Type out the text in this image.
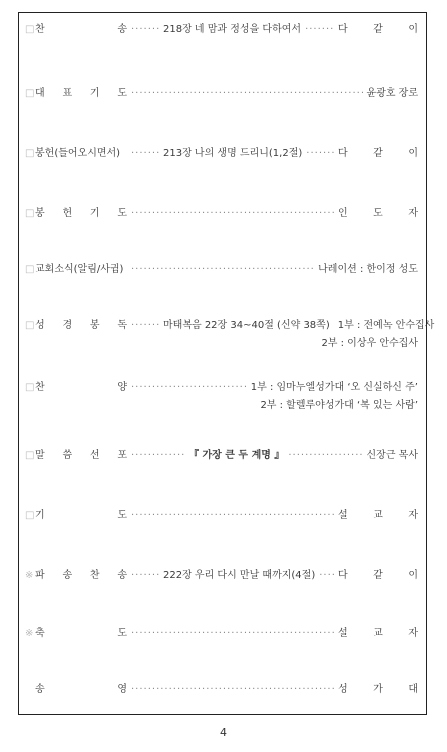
□ 찬	송 ·····	218장 네 맘과 정성을 다하여서 ·····	다	같	이
□ 대 표 기 도 ·····	윤광호 장로
□ 봉헌(들어오시면서) ·····	213장 나의 생명 드리니(1,2절) ·····	다	같	이
□ 봉 헌 기 도 ·····	인	도	자
□ 교회소식(알림/사귐) ·····	나레이션 : 한이정 성도
□ 성 경 봉 독 ·····	마태복음 22장 34~40절 (신약 38쪽) 1부 : 전예녹 안수집사
2부 : 이상우 안수집사
□ 찬	양 ·····	1부 : 임마누엘성가대 ‘오 신실하신 주’
2부 : 할렐루야성가대 ‘복 있는 사람’
□ 말 씀 선 포 ·····	『 가장 큰 두 계명 』 ·····	신장근 목사
□ 기	도 ·····	설	교	자
※ 파 송 찬 송 ·····	222장 우리 다시 만날 때까지(4절) ·····	다	같	이
※ 축	도 ·····	설	교	자
송	영 ·····	성	가	대
4
